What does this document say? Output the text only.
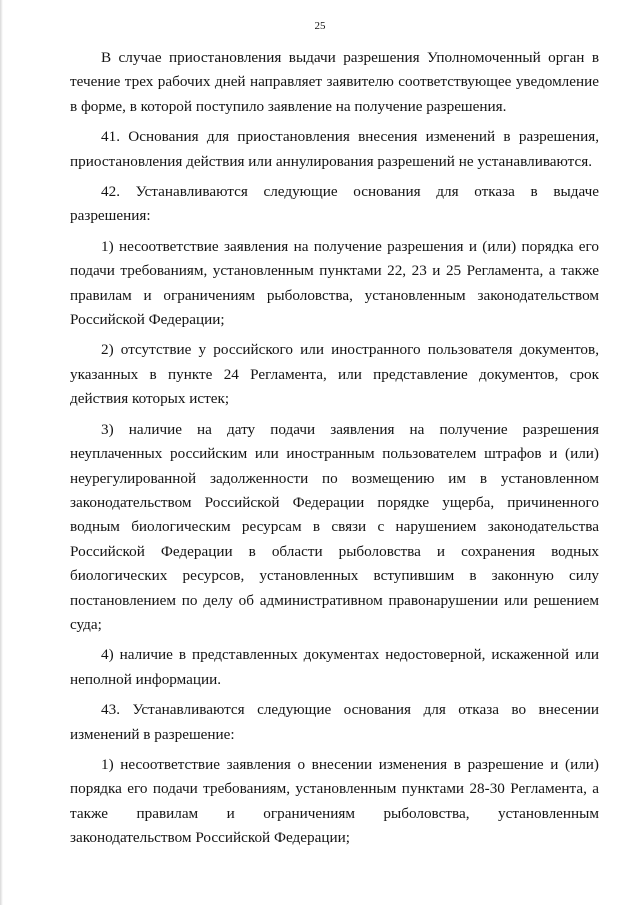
25

В случае приостановления выдачи разрешения Уполномоченный орган в течение трех рабочих дней направляет заявителю соответствующее уведомление в форме, в которой поступило заявление на получение разрешения.

41. Основания для приостановления внесения изменений в разрешения, приостановления действия или аннулирования разрешений не устанавливаются.

42. Устанавливаются следующие основания для отказа в выдаче разрешения:

1) несоответствие заявления на получение разрешения и (или) порядка его подачи требованиям, установленным пунктами 22, 23 и 25 Регламента, а также правилам и ограничениям рыболовства, установленным законодательством Российской Федерации;

2) отсутствие у российского или иностранного пользователя документов, указанных в пункте 24 Регламента, или представление документов, срок действия которых истек;

3) наличие на дату подачи заявления на получение разрешения неуплаченных российским или иностранным пользователем штрафов и (или) неурегулированной задолженности по возмещению им в установленном законодательством Российской Федерации порядке ущерба, причиненного водным биологическим ресурсам в связи с нарушением законодательства Российской Федерации в области рыболовства и сохранения водных биологических ресурсов, установленных вступившим в законную силу постановлением по делу об административном правонарушении или решением суда;

4) наличие в представленных документах недостоверной, искаженной или неполной информации.

43. Устанавливаются следующие основания для отказа во внесении изменений в разрешение:

1) несоответствие заявления о внесении изменения в разрешение и (или) порядка его подачи требованиям, установленным пунктами 28-30 Регламента, а также правилам и ограничениям рыболовства, установленным законодательством Российской Федерации;
